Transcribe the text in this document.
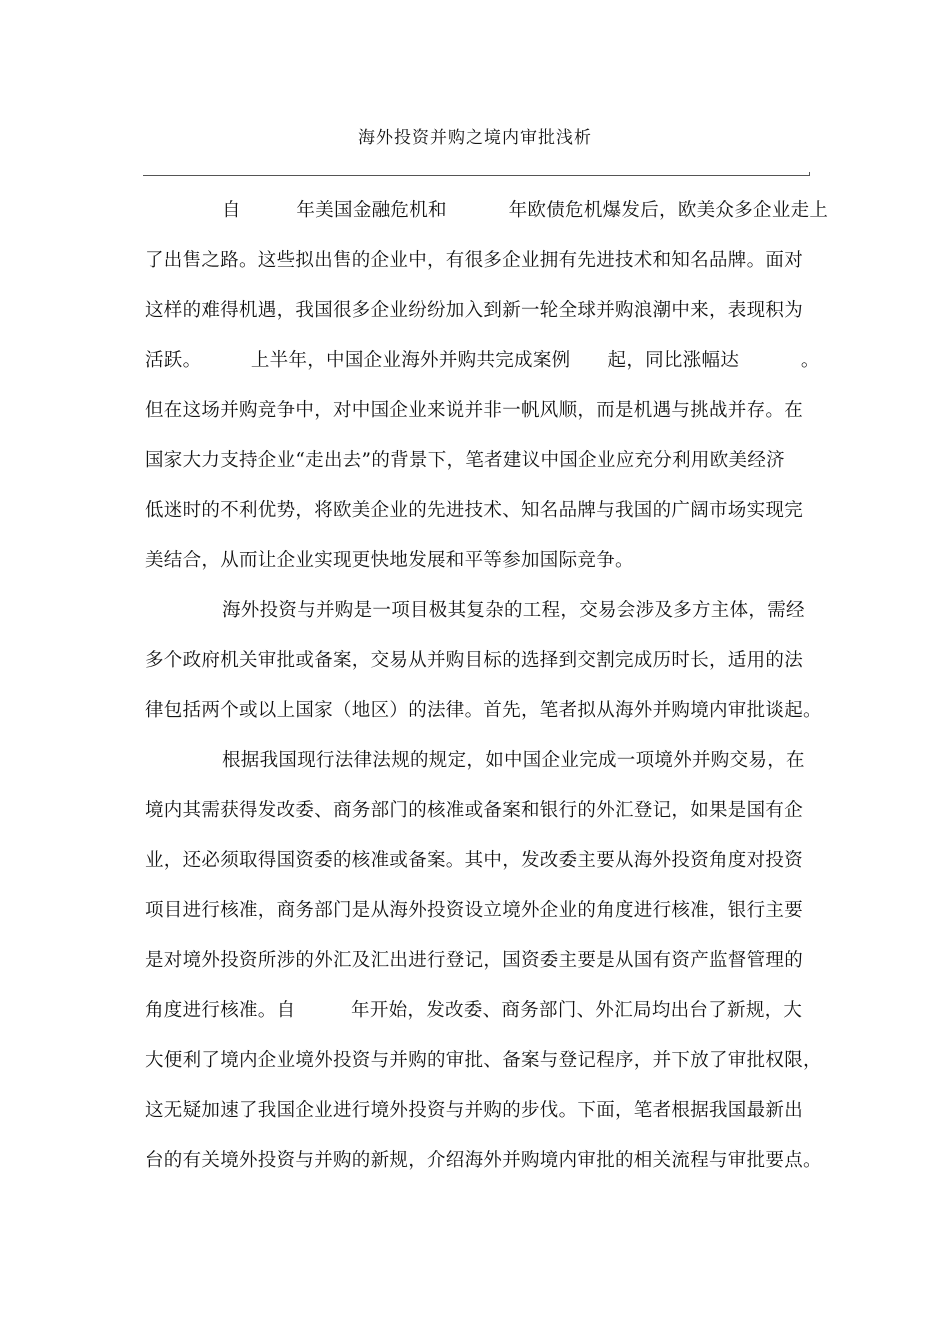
海外投资并购之境内审批浅析
自         年美国金融危机和          年欧债危机爆发后，欧美众多企业走上
了出售之路。这些拟出售的企业中，有很多企业拥有先进技术和知名品牌。面对
这样的难得机遇，我国很多企业纷纷加入到新一轮全球并购浪潮中来，表现积为
活跃。        上半年，中国企业海外并购共完成案例      起，同比涨幅达          。
但在这场并购竞争中，对中国企业来说并非一帆风顺，而是机遇与挑战并存。在
国家大力支持企业“走出去”的背景下，笔者建议中国企业应充分利用欧美经济
低迷时的不利优势，将欧美企业的先进技术、知名品牌与我国的广阔市场实现完
美结合，从而让企业实现更快地发展和平等参加国际竞争。
海外投资与并购是一项目极其复杂的工程，交易会涉及多方主体，需经
多个政府机关审批或备案，交易从并购目标的选择到交割完成历时长，适用的法
律包括两个或以上国家（地区）的法律。首先，笔者拟从海外并购境内审批谈起。
根据我国现行法律法规的规定，如中国企业完成一项境外并购交易，在
境内其需获得发改委、商务部门的核准或备案和银行的外汇登记，如果是国有企
业，还必须取得国资委的核准或备案。其中，发改委主要从海外投资角度对投资
项目进行核准，商务部门是从海外投资设立境外企业的角度进行核准，银行主要
是对境外投资所涉的外汇及汇出进行登记，国资委主要是从国有资产监督管理的
角度进行核准。自         年开始，发改委、商务部门、外汇局均出台了新规，大
大便利了境内企业境外投资与并购的审批、备案与登记程序，并下放了审批权限，
这无疑加速了我国企业进行境外投资与并购的步伐。下面，笔者根据我国最新出
台的有关境外投资与并购的新规，介绍海外并购境内审批的相关流程与审批要点。
